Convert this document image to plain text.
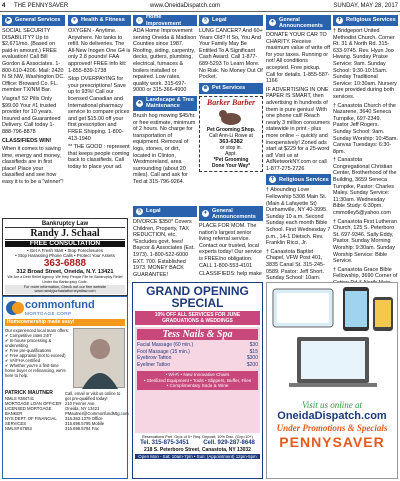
4 THE PENNYSAVER	www.OneidaDispatch.com	SUNDAY, MAY 28, 2017
▶ General Services
SOCIAL SECURITY DISABILITY? Up to $2,671/mo. (Based on paid-in amount.) FREE evaluation! Call Bill Gordon & Associates. 1-800-610-4206. Mail: 2420 N St NW, Washington DC. Office: Broward Co. FL. member TX/NM Bar.
Viagra!! 52 Pills Only $99.00 Your #1 trusted provider for 10 years. Insured and Guaranteed Delivery. Call today 1-888-796-8878
CLASSIFIEDS WIN!
When it comes to saving time, energy and money, classifieds are in first place! Place your classified and see how easy it is to be a "winner"!
Bankruptcy Law
Randy J. Schaal
FREE CONSULTATION
• Get A Fresh Start • Stop Foreclosures
• Stop Harassing Phone Calls • Protect Your Assets
363-6888
312 Broad Street, Oneida, N.Y. 13421
We Are a Debt Relief Agency. We Help People File for Bankruptcy Relief Under the Bankruptcy Code.
For more information, Check out our firm website www.randyjschaalattorneyatlaw.com
commonfund
MORTGAGE CORP
Homeownership made easy!
Our experienced local team offers:
✔ Competitive rates 24/7
✔ In-house processing & underwriting
✔ Free pre-qualifications
✔ Free appraisal (not to exceed)
✔ VA/FHA certified
✔ Whether you're a first-time home buyer or refinancing, we're here to help.
PATRICK MAUTNER
NMLS #384741
MORTGAGE LOAN OFFICER
LICENSED MORTGAGE BANKER
NYS DEPT. OF FINANCIAL SERVICES
NMLS# 67853
Call, email or visit us online to get pre-qualified today!
210 Fenner Ave.
Oneida, NY 13421
PMautner@CommonfundMtg.com
315.363.1379 Office
315.696.5795 Mobile
315.696.5794 Fax
♥ Health & Fitness
OXYGEN - Anytime. Anywhere. No tanks to refill. No deliveries. The All-New Inogen One G4 is only 2.8 pounds! FAA approved! FREE info kit: 1-855-839-1738
Stop OVERPAYING for your prescriptions! Save up to 93%! Call our licensed Canadian and International pharmacy service to compare prices and get $15.00 off your first prescription and FREE Shipping. 1-800-413-1940
** THE GOOD : represent that keeps people coming back to classifieds. Call today to place your ad.
⌂
Home Improvement
ADA Home Improvement serving Oneida & Madison Counties since 1987. Roofing, siding, carpentry, decks, gutters, plumbing, electrical, furnaces & boilers installed or repaired. Low rates, quality work. 315-697-9000 or 315-366-4900
♣ Landscape & Tree Maintenance
Brush hog mowing $45/hr. or free estimate, minimum of 2 hours. No charge for transportation of equipment. Removal of logs, stones, or dirt, located in Clinton, Westmoreland, area surrounding (about 20 miles). Call and ask for Ted at 315-796-9264.
§ Legal
DIVORCE $350* Covers Children, Property, TAX REDUCTION, etc. *Excludes govt. fees! Baycor & Associates (Est. 1973). 1-800-522-6000 EXT. 700. Established 1973. MONEY BACK GUARANTEE!
§ Legal
LUNG CANCER? And 60+ Years Old? If So, You And Your Family May Be Entitled To A Significant Cash Award. Call 1-877-689-5293 To Learn More. No Risk. No Money Out Of Pocket.
❀ Pet Services
Barker Barber
Pet Grooming Shop.
Call Ann-Li Rowe at
363-6382
or stop in.
Appt.
*Pet Grooming
Done Your Way*
✦ General Announcements
PLACE FOR MOM. The nation's largest senior living referral service. Contact our trusted, local experts today! Our service is FREE/no obligation. CALL 1-800-553-4101
CLASSIFIEDS: help make
✦ General Announcements
DONATE YOUR CAR TO CHARITY. Receive maximum value of write off for your taxes. Running or not! All conditions accepted. Free pickup. Call for details. 1-855-587-1166
IF ADVERTISING IN ONE PAPER IS SMART, then advertising in hundreds of them is pure genius! With one phone call! Reach nearly 3 million consumers statewide in print - plus more online -- quickly and inexpensively! Zoned ads start at $229 for a 25-word ad! Visit us at AdNetworkNY.com or call 1-877-275-2726
✝ Religious Services
† Abounding Love Fellowship 5308 Main St. (Main & Lafayette St) Durhamville, NY 40-3995. Sunday 10 a.m. Second Sunday each month Bible School. First Wednesday 7 p.m., 14-1 Dietsch. Rev. Franklin Ricci, Jr.
† Canastota Baptist Chapel, VFW Post 401, 3835 Canal St. 315-245-0589. Pastor: Jeff Short. Sunday School: 10am.
✝ Religious Services
† Bridgeport United Methodist Church. Corner Rt. 31 & North Rd. 315-633-9745. Rev. Hyun Joo Hwang. Sunday Praise Service: 9am. Sunday School: 9:30-10:15am. Sunday Traditional Service: 10:30am. Nursery care provided during both services.
† Canastota Church of the Nazarene, 3640 Seneca Turnpike, 697-2349. Pastor Jeff Rogers. Sunday School: 9am. Sunday Worship: 10:45am. Canvas Tuesdays: 6:30-8pm.
† Canastota Congregational Christian Center, Brotherhood of the Building, 3659 Seneca Turnpike, Pastor: Charles Maley. Sunday Service: 11:30am. Wednesday Bible Study: 6:30pm. cmmotley5@yahoo.com
† Canastota First Lutheran Church, 125 S. Peterboro St. 697-9346. Sally Eddy, Pastor. Sunday Morning Worship: 9:30am. Sunday Worship Service: Bible Service.
† Canastota Grace Bible Fellowship, 3690 Corner of
GRAND OPENING SPECIAL
10% OFF ALL SERVICES FOR JUNE GRADUATIONS & WEDDINGS
Tess Nails & Spa
Facial Massage (60 min.)	$30
Foot Massage (15 min.)	$15
Eyebrow Tattoo	$300
Eyeliner Tattoo	$200
• Wi-Fi • New Innovative Chairs
• Sterilized Equipment • Tools • Slippers, Buffer, Files
• Complimentary Soda & Wine
Reservations Pref. Grps of 5+ Req. Deposit; 10% Disc. (Grp=10+)
Tel. 315-875-3451 Cell. 929-287-8648
218 S. Peterboro Street, Canastota, NY 13032
Open Mon - Sat: 10am-7pm • Sun: (Appointment) 12pm-5pm
Visit us online at
OneidaDispatch.com
Under Promotions & Specials
PENNYSAVER
